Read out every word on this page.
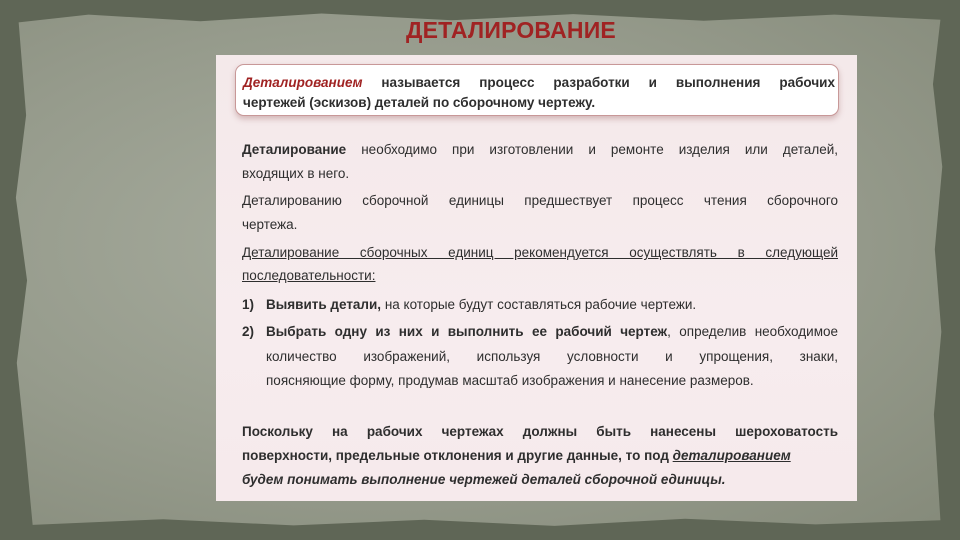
ДЕТАЛИРОВАНИЕ
Деталированием называется процесс разработки и выполнения рабочих
чертежей (эскизов) деталей по сборочному чертежу.
Деталирование необходимо при изготовлении и ремонте изделия или деталей,
входящих в него.
Деталированию сборочной единицы предшествует процесс чтения сборочного
чертежа.
Деталирование сборочных единиц рекомендуется осуществлять в следующей
последовательности:
1) Выявить детали, на которые будут составляться рабочие чертежи.
2) Выбрать одну из них и выполнить ее рабочий чертеж, определив необходимое
количество изображений, используя условности и упрощения, знаки,
поясняющие форму, продумав масштаб изображения и нанесение размеров.
Поскольку на рабочих чертежах должны быть нанесены шероховатость
поверхности, предельные отклонения и другие данные, то под деталированием
будем понимать выполнение чертежей деталей сборочной единицы.
